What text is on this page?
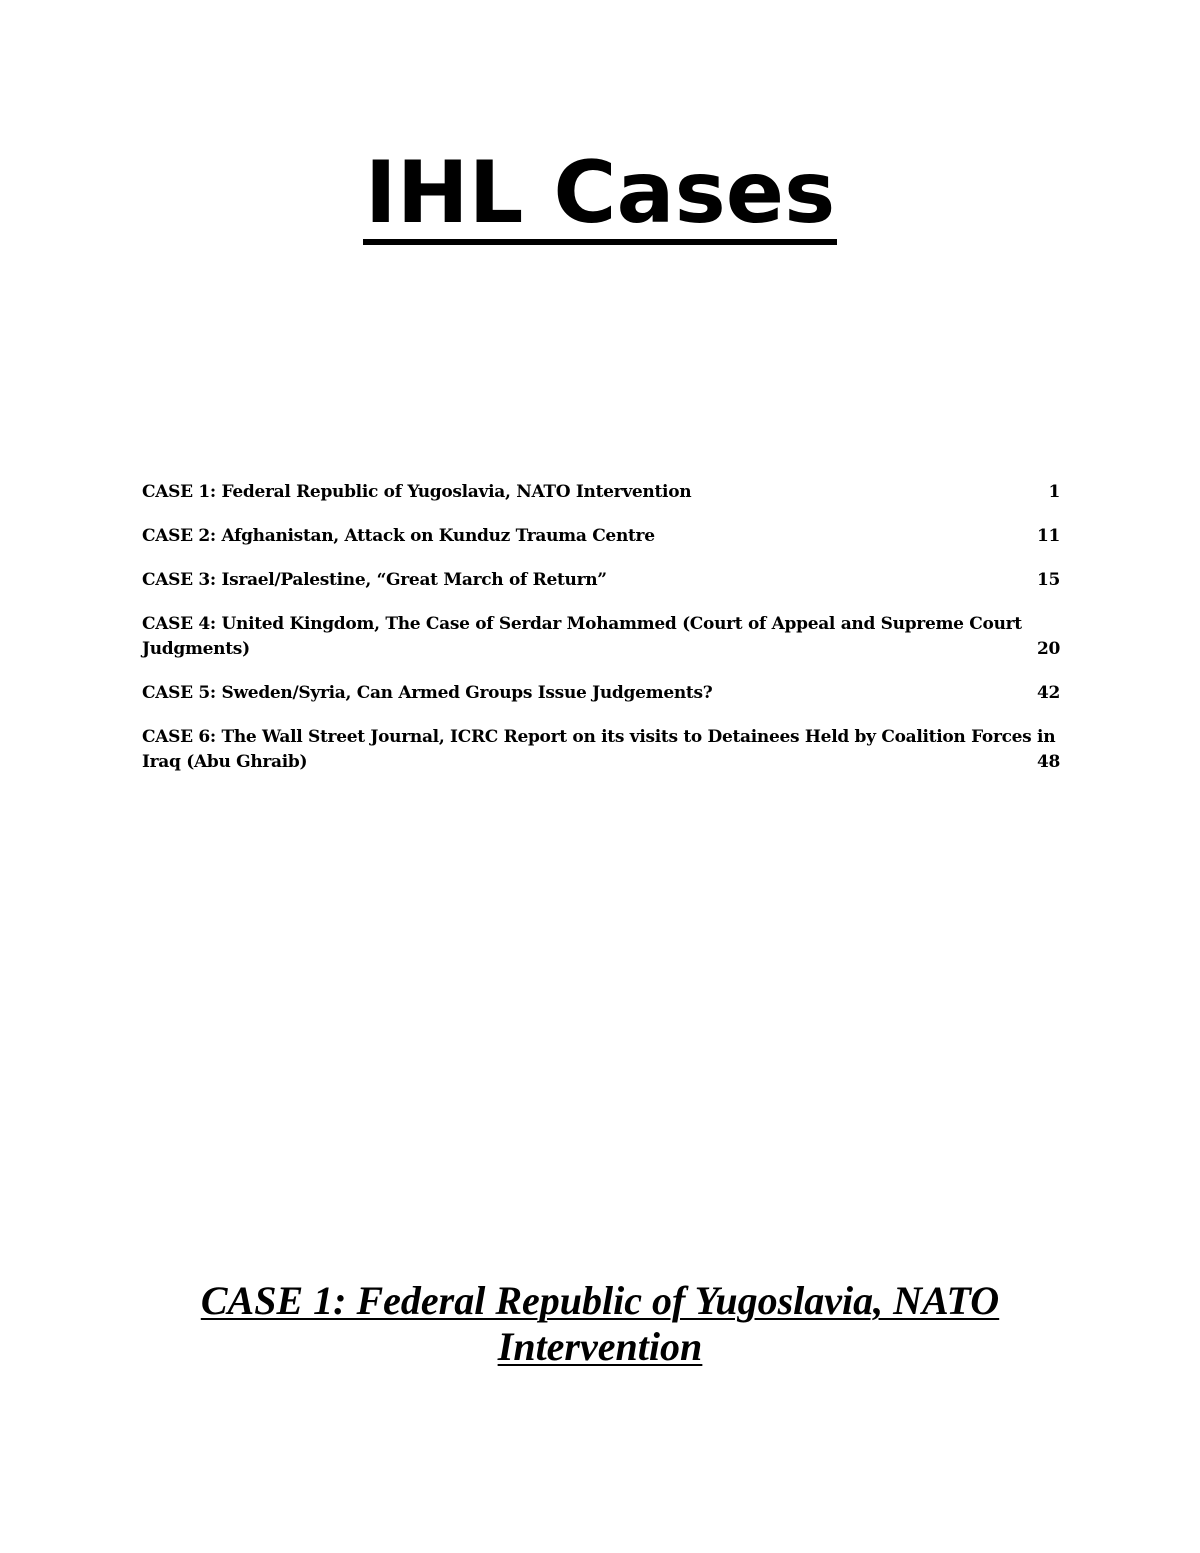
IHL Cases
CASE 1: Federal Republic of Yugoslavia, NATO Intervention	1
CASE 2: Afghanistan, Attack on Kunduz Trauma Centre	11
CASE 3: Israel/Palestine, “Great March of Return”	15
CASE 4: United Kingdom, The Case of Serdar Mohammed (Court of Appeal and Supreme Court Judgments)	20
CASE 5: Sweden/Syria, Can Armed Groups Issue Judgements?	42
CASE 6: The Wall Street Journal, ICRC Report on its visits to Detainees Held by Coalition Forces in Iraq (Abu Ghraib)	48
CASE 1: Federal Republic of Yugoslavia, NATO
Intervention
